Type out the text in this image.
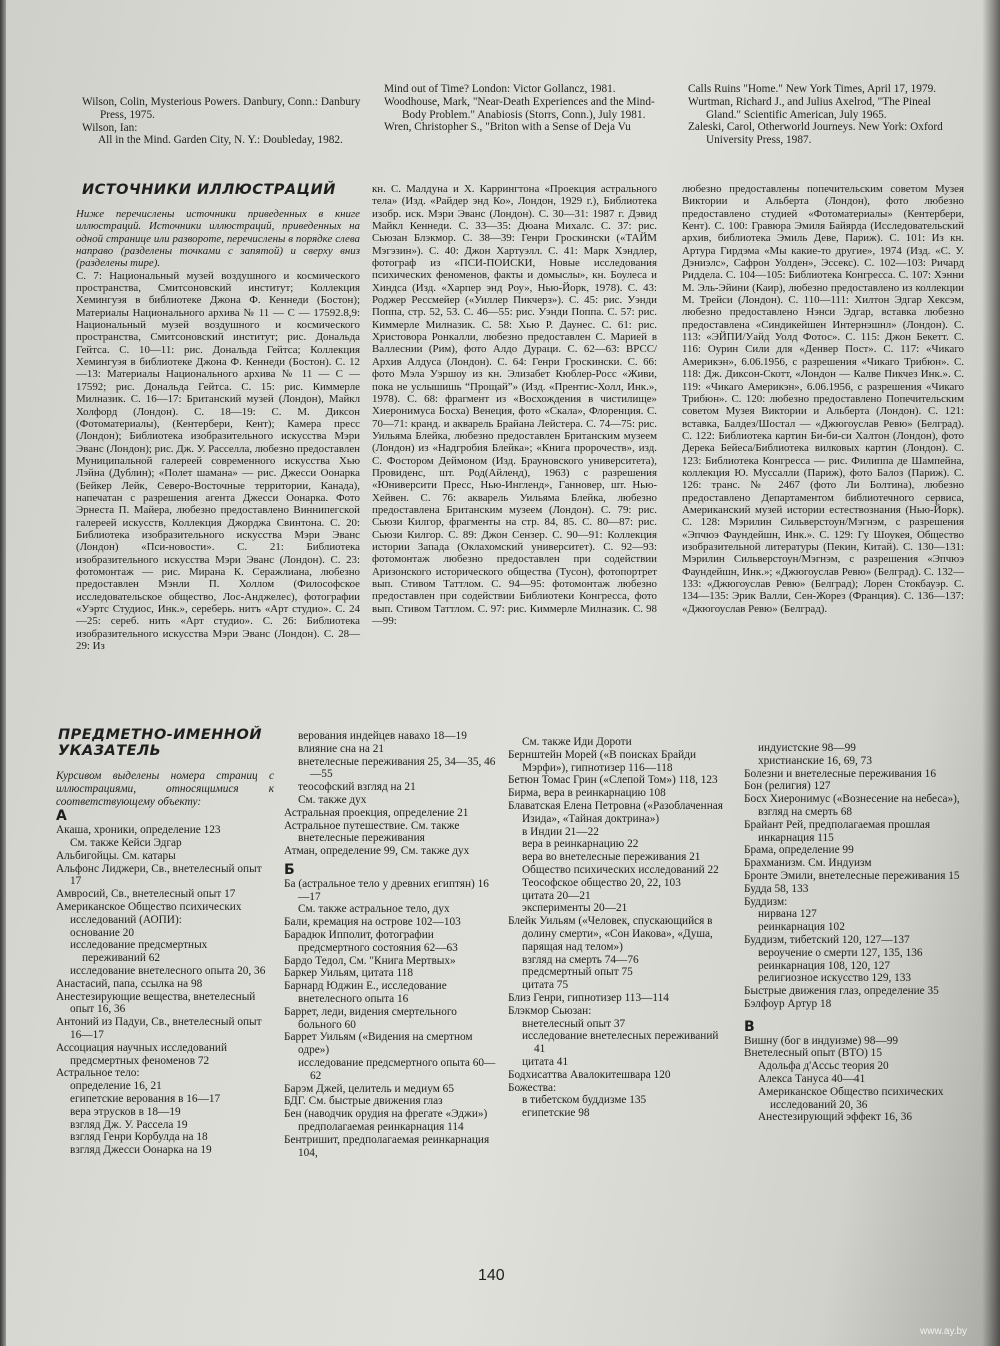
Wilson, Colin, Mysterious Powers. Danbury, Conn.: Danbury Press, 1975.

Wilson, Ian:

All in the Mind. Garden City, N. Y.: Doubleday, 1982.

Mind out of Time? London: Victor Gollancz, 1981.

Woodhouse, Mark, "Near-Death Experiences and the Mind-Body Problem." Anabiosis (Storrs, Conn.), July 1981.

Wren, Christopher S., "Briton with a Sense of Deja Vu

Calls Ruins "Home." New York Times, April 17, 1979.

Wurtman, Richard J., and Julius Axelrod, "The Pineal Gland." Scientific American, July 1965.

Zaleski, Carol, Otherworld Journeys. New York: Oxford University Press, 1987.

ИСТОЧНИКИ ИЛЛЮСТРАЦИЙ

Ниже перечислены источники приведенных в книге иллюстраций. Источники иллюстраций, приведенных на одной странице или развороте, перечислены в порядке слева направо (разделены точками с запятой) и сверху вниз (разделены тире).

С. 7: Национальный музей воздушного и космического пространства, Смитсоновский институт; Коллекция Хемингуэя в библиотеке Джона Ф. Кеннеди (Бостон); Материалы Национального архива № 11 — С — 17592.8,9: Национальный музей воздушного и космического пространства, Смитсоновский институт; рис. Дональда Гейтса. С. 10—11: рис. Дональда Гейтса; Коллекция Хемингуэя в библиотеке Джона Ф. Кеннеди (Бостон). С. 12—13: Материалы Национального архива № 11 — С — 17592; рис. Дональда Гейтса. С. 15: рис. Киммерле Милназик. С. 16—17: Британский музей (Лондон), Майкл Холфорд (Лондон). С. 18—19: С. М. Диксон (Фотоматериалы), (Кентербери, Кент); Камера пресс (Лондон); Библиотека изобразительного искусства Мэри Эванс (Лондон); рис. Дж. У. Расселла, любезно предоставлен Муниципальной галереей современного искусства Хью Лэйна (Дублин); «Полет шамана» — рис. Джесси Оонарка (Бейкер Лейк, Северо-Восточные территории, Канада), напечатан с разрешения агента Джесси Оонарка. Фото Эрнеста П. Майера, любезно предоставлено Виннипегской галереей искусств, Коллекция Джорджа Свинтона. С. 20: Библиотека изобразительного искусства Мэри Эванс (Лондон) «Пси-новости». С. 21: Библиотека изобразительного искусства Мэри Эванс (Лондон). С. 23: фотомонтаж — рис. Мирана К. Серажлиана, любезно предоставлен Мэнли П. Холлом (Философское исследовательское общество, Лос-Анджелес), фотографии «Уэртс Студиос, Инк.», сереберь. нитъ «Арт студио». С. 24—25: сереб. нить «Арт студио». С. 26: Библиотека изобразительного искусства Мэри Эванс (Лондон). С. 28—29: Из

кн. С. Малдуна и Х. Каррингтона «Проекция астрального тела» (Изд. «Райдер энд Ко», Лондон, 1929 г.), Библиотека изобр. иск. Мэри Эванс (Лондон). С. 30—31: 1987 г. Дэвид Майкл Кеннеди. С. 33—35: Дюана Михалс. С. 37: рис. Сьюзан Блэкмор. С. 38—39: Генри Гроскински («ТАЙМ Мэгэзин»). С. 40: Джон Хартуэлл. С. 41: Марк Хэндлер, фотограф из «ПСИ-ПОИСКИ, Новые исследования психических феноменов, факты и домыслы», кн. Боулеса и Хиндса (Изд. «Харпер энд Роу», Нью-Йорк, 1978). С. 43: Роджер Рессмейер («Уиллер Пикчерз»). С. 45: рис. Уэнди Поппа, стр. 52, 53. С. 46—55: рис. Уэнди Поппа. С. 57: рис. Киммерле Милназик. С. 58: Хью Р. Даунес. С. 61: рис. Христовора Ронкалли, любезно предоставлен С. Марией в Валлеснии (Рим), фото Алдо Дураци. С. 62—63: ВРСС/ Архив Алдуса (Лондон). С. 64: Генри Гроскински. С. 66: фото Мэла Уэршоу из кн. Элизабет Кюблер-Росс «Живи, пока не услышишь “Прощай”» (Изд. «Прентис-Холл, Инк.», 1978). С. 68: фрагмент из «Восхождения в чистилище» Хиеронимуса Босха) Венеция, фото «Скала», Флоренция. С. 70—71: кранд. и акварель Брайана Лейстера. С. 74—75: рис. Уильяма Блейка, любезно предоставлен Британским музеем (Лондон) из «Надгробия Блейка»; «Книга пророчеств», изд. С. Фостором Деймоном (Изд. Брауновского университета), Провиденс, шт. Род(Айленд), 1963) с разрешения «Юниверсити Пресс, Нью-Ингленд», Ганновер, шт. Нью-Хейвен. С. 76: акварель Уильяма Блейка, любезно предоставлена Британским музеем (Лондон). С. 79: рис. Сьюзи Килгор, фрагменты на стр. 84, 85. С. 80—87: рис. Сьюзи Килгор. С. 89: Джон Сензер. С. 90—91: Коллекция истории Запада (Оклахомский университет). С. 92—93: фотомонтаж любезно предоставлен при содействии Аризонского исторического общества (Тусон), фотопортрет вып. Стивом Таттлом. С. 94—95: фотомонтаж любезно предоставлен при содействии Библиотеки Конгресса, фото вып. Стивом Таттлом. С. 97: рис. Киммерле Милназик. С. 98—99:

любезно предоставлены попечительским советом Музея Виктории и Альберта (Лондон), фото любезно предоставлено студией «Фотоматериалы» (Кентербери, Кент). С. 100: Гравюра Эмиля Байярда (Исследовательский архив, библиотека Эмиль Деве, Париж). С. 101: Из кн. Артура Гирдэма «Мы какие-то другие», 1974 (Изд. «С. У. Дэниэлс», Сафрон Уолден», Эссекс). С. 102—103: Ричард Риддела. С. 104—105: Библиотека Конгресса. С. 107: Хэнни М. Эль-Эйини (Каир), любезно предоставлено из коллекции М. Трейси (Лондон). С. 110—111: Хилтон Эдгар Хексэм, любезно предоставлено Нэнси Эдгар, вставка любезно предоставлена «Синдикейшен Интернэшнл» (Лондон). С. 113: «ЭЙПИ/Уайд Уолд Фотос». С. 115: Джон Бекетт. С. 116: Оурин Сили для «Денвер Пост». С. 117: «Чикаго Америкэн», 6.06.1956, с разрешения «Чикаго Трибюн». С. 118: Дж. Диксон-Скотт, «Лондон — Калве Пикчез Инк.». С. 119: «Чикаго Америкэн», 6.06.1956, с разрешения «Чикаго Трибюн». С. 120: любезно предоставлено Попечительским советом Музея Виктории и Альберта (Лондон). С. 121: вставка, Балдез/Шостал — «Джюгоуслав Ревю» (Белград). С. 122: Библиотека картин Би-би-си Халтон (Лондон), фото Дерека Бейеса/Библиотека вилковых картин (Лондон). С. 123: Библиотека Конгресса — рис. Филиппа де Шампейна, коллекция Ю. Муссалли (Париж), фото Балоз (Париж). С. 126: транс. № 2467 (фото Ли Болтина), любезно предоставлено Департаментом библиотечного сервиса, Американский музей истории естествознания (Нью-Йорк). С. 128: Мэрилин Сильверстоун/Мэгнэм, с разрешения «Эпчюэ Фаундейшн, Инк.». С. 129: Гу Шоукея, Общество изобразительной литературы (Пекин, Китай). С. 130—131: Мэрилин Сильверстоун/Мэгнэм, с разрешения «Эпчюэ Фаундейшн, Инк.»; «Джюгоуслав Ревю» (Белград). С. 132—133: «Джюгоуслав Ревю» (Белград); Лорен Стокбауэр. С. 134—135: Эрик Валли, Сен-Жорез (Франция). С. 136—137: «Джюгоуслав Ревю» (Белград).

ПРЕДМЕТНО-ИМЕННОЙ УКАЗАТЕЛЬ

Курсивом выделены номера страниц с иллюстрациями, относящимися к соответствующему объекту:

А

Акаша, хроники, определение 123

См. также Кейси Эдгар

Альбигойцы. См. катары

Альфонс Лиджери, Св., внетелесный опыт 17

Амвросий, Св., внетелесный опыт 17

Американское Общество психических исследований (АОПИ):

основание 20

исследование предсмертных переживаний 62

исследование внетелесного опыта 20, 36

Анастасий, папа, ссылка на 98

Анестезирующие вещества, внетелесный опыт 16, 36

Антоний из Падуи, Св., внетелесный опыт 16—17

Ассоциация научных исследований предсмертных феноменов 72

Астральное тело:

определение 16, 21

египетские верования в 16—17

вера этрусков в 18—19

взгляд Дж. У. Рассела 19

взгляд Генри Корбулда на 18

взгляд Джесси Оонарка на 19

верования индейцев навахо 18—19

влияние сна на 21

внетелесные переживания 25, 34—35, 46—55

теософский взгляд на 21

См. также дух

Астральная проекция, определение 21

Астральное путешествие. См. также внетелесные переживания

Атман, определение 99, См. также дух

Б

Ба (астральное тело у древних египтян) 16—17

См. также астральное тело, дух

Бали, кремация на острове 102—103

Барадюк Ипполит, фотографии предсмертного состояния 62—63

Бардо Тедол, См. "Книга Мертвых»

Баркер Уильям, цитата 118

Барнард Юджин Е., исследование внетелесного опыта 16

Баррет, леди, видения смертельного больного 60

Баррет Уильям («Видения на смертном одре»)

исследование предсмертного опыта 60—62

Барэм Джей, целитель и медиум 65

БДГ. См. быстрые движения глаз

Бен (наводчик орудия на фрегате «Эджи»)

предполагаемая реинкарнация 114

Бентришит, предполагаемая реинкарнация 104,

См. также Иди Дороти

Бернштейн Морей («В поисках Брайди Мэрфи»), гипнотизер 116—118

Бетюн Томас Грин («Слепой Том») 118, 123

Бирма, вера в реинкарнацию 108

Блаватская Елена Петровна («Разоблаченная Изида», «Тайная доктрина»)

в Индии 21—22

вера в реинкарнацию 22

вера во внетелесные переживания 21

Общество психических исследований 22

Теософское общество 20, 22, 103

цитата 20—21

эксперименты 20—21

Блейк Уильям («Человек, спускающийся в долину смерти», «Сон Иакова», «Душа, парящая над телом»)

взгляд на смерть 74—76

предсмертный опыт 75

цитата 75

Близ Генри, гипнотизер 113—114

Блэкмор Сьюзан:

внетелесный опыт 37

исследование внетелесных переживаний 41

цитата 41

Бодхисаттва Авалокитешвара 120

Божества:

в тибетском буддизме 135

египетские 98

индуистские 98—99

христианские 16, 69, 73

Болезни и внетелесные переживания 16

Бон (религия) 127

Босх Хиеронимус («Вознесение на небеса»),

взгляд на смерть 68

Брайант Рей, предполагаемая прошлая инкарнация 115

Брама, определение 99

Брахманизм. См. Индуизм

Бронте Эмили, внетелесные переживания 15

Будда 58, 133

Буддизм:

нирвана 127

реинкарнация 102

Буддизм, тибетский 120, 127—137

вероучение о смерти 127, 135, 136

реинкарнация 108, 120, 127

религиозное искусство 129, 133

Быстрые движения глаз, определение 35

Бэлфоур Артур 18

В

Вишну (бог в индуизме) 98—99

Внетелесный опыт (ВТО) 15

Адольфа д'Ассьс теория 20

Алекса Тануса 40—41

Американское Общество психических исследований 20, 36

Анестезирующий эффект 16, 36

140
www.ay.by
